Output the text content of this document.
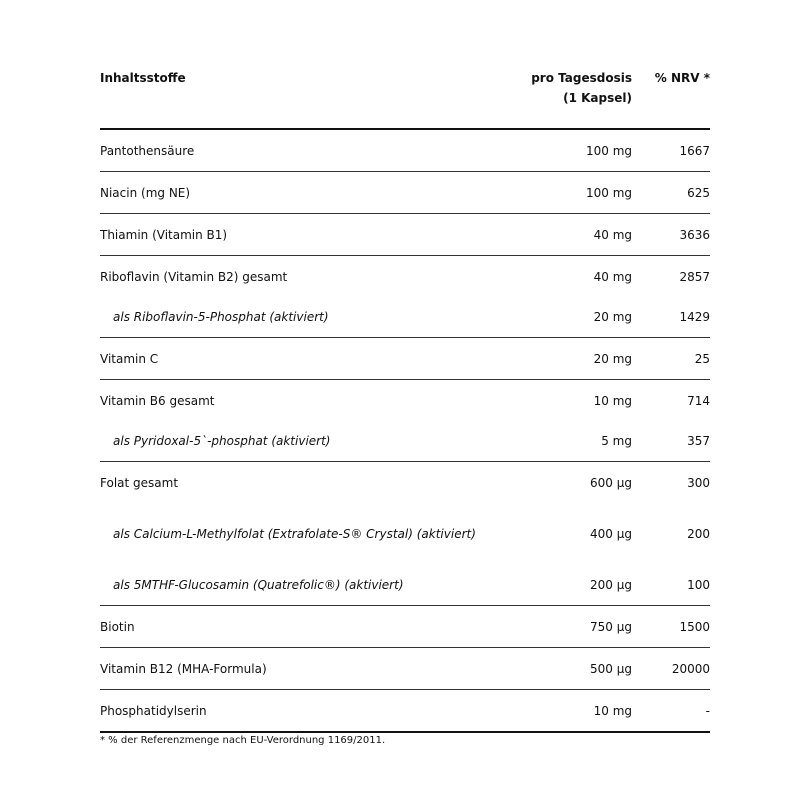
Inhaltsstoffe	pro Tagesdosis (1 Kapsel)	% NRV *
Pantothensäure	100 mg	1667
Niacin (mg NE)	100 mg	625
Thiamin (Vitamin B1)	40 mg	3636
Riboflavin (Vitamin B2) gesamt	40 mg	2857
als Riboflavin-5-Phosphat (aktiviert)	20 mg	1429
Vitamin C	20 mg	25
Vitamin B6 gesamt	10 mg	714
als Pyridoxal-5`-phosphat (aktiviert)	5 mg	357
Folat gesamt	600 µg	300
als Calcium-L-Methylfolat (Extrafolate-S® Crystal) (aktiviert)	400 µg	200
als 5MTHF-Glucosamin (Quatrefolic®) (aktiviert)	200 µg	100
Biotin	750 µg	1500
Vitamin B12 (MHA-Formula)	500 µg	20000
Phosphatidylserin	10 mg	-
* % der Referenzmenge nach EU-Verordnung 1169/2011.
